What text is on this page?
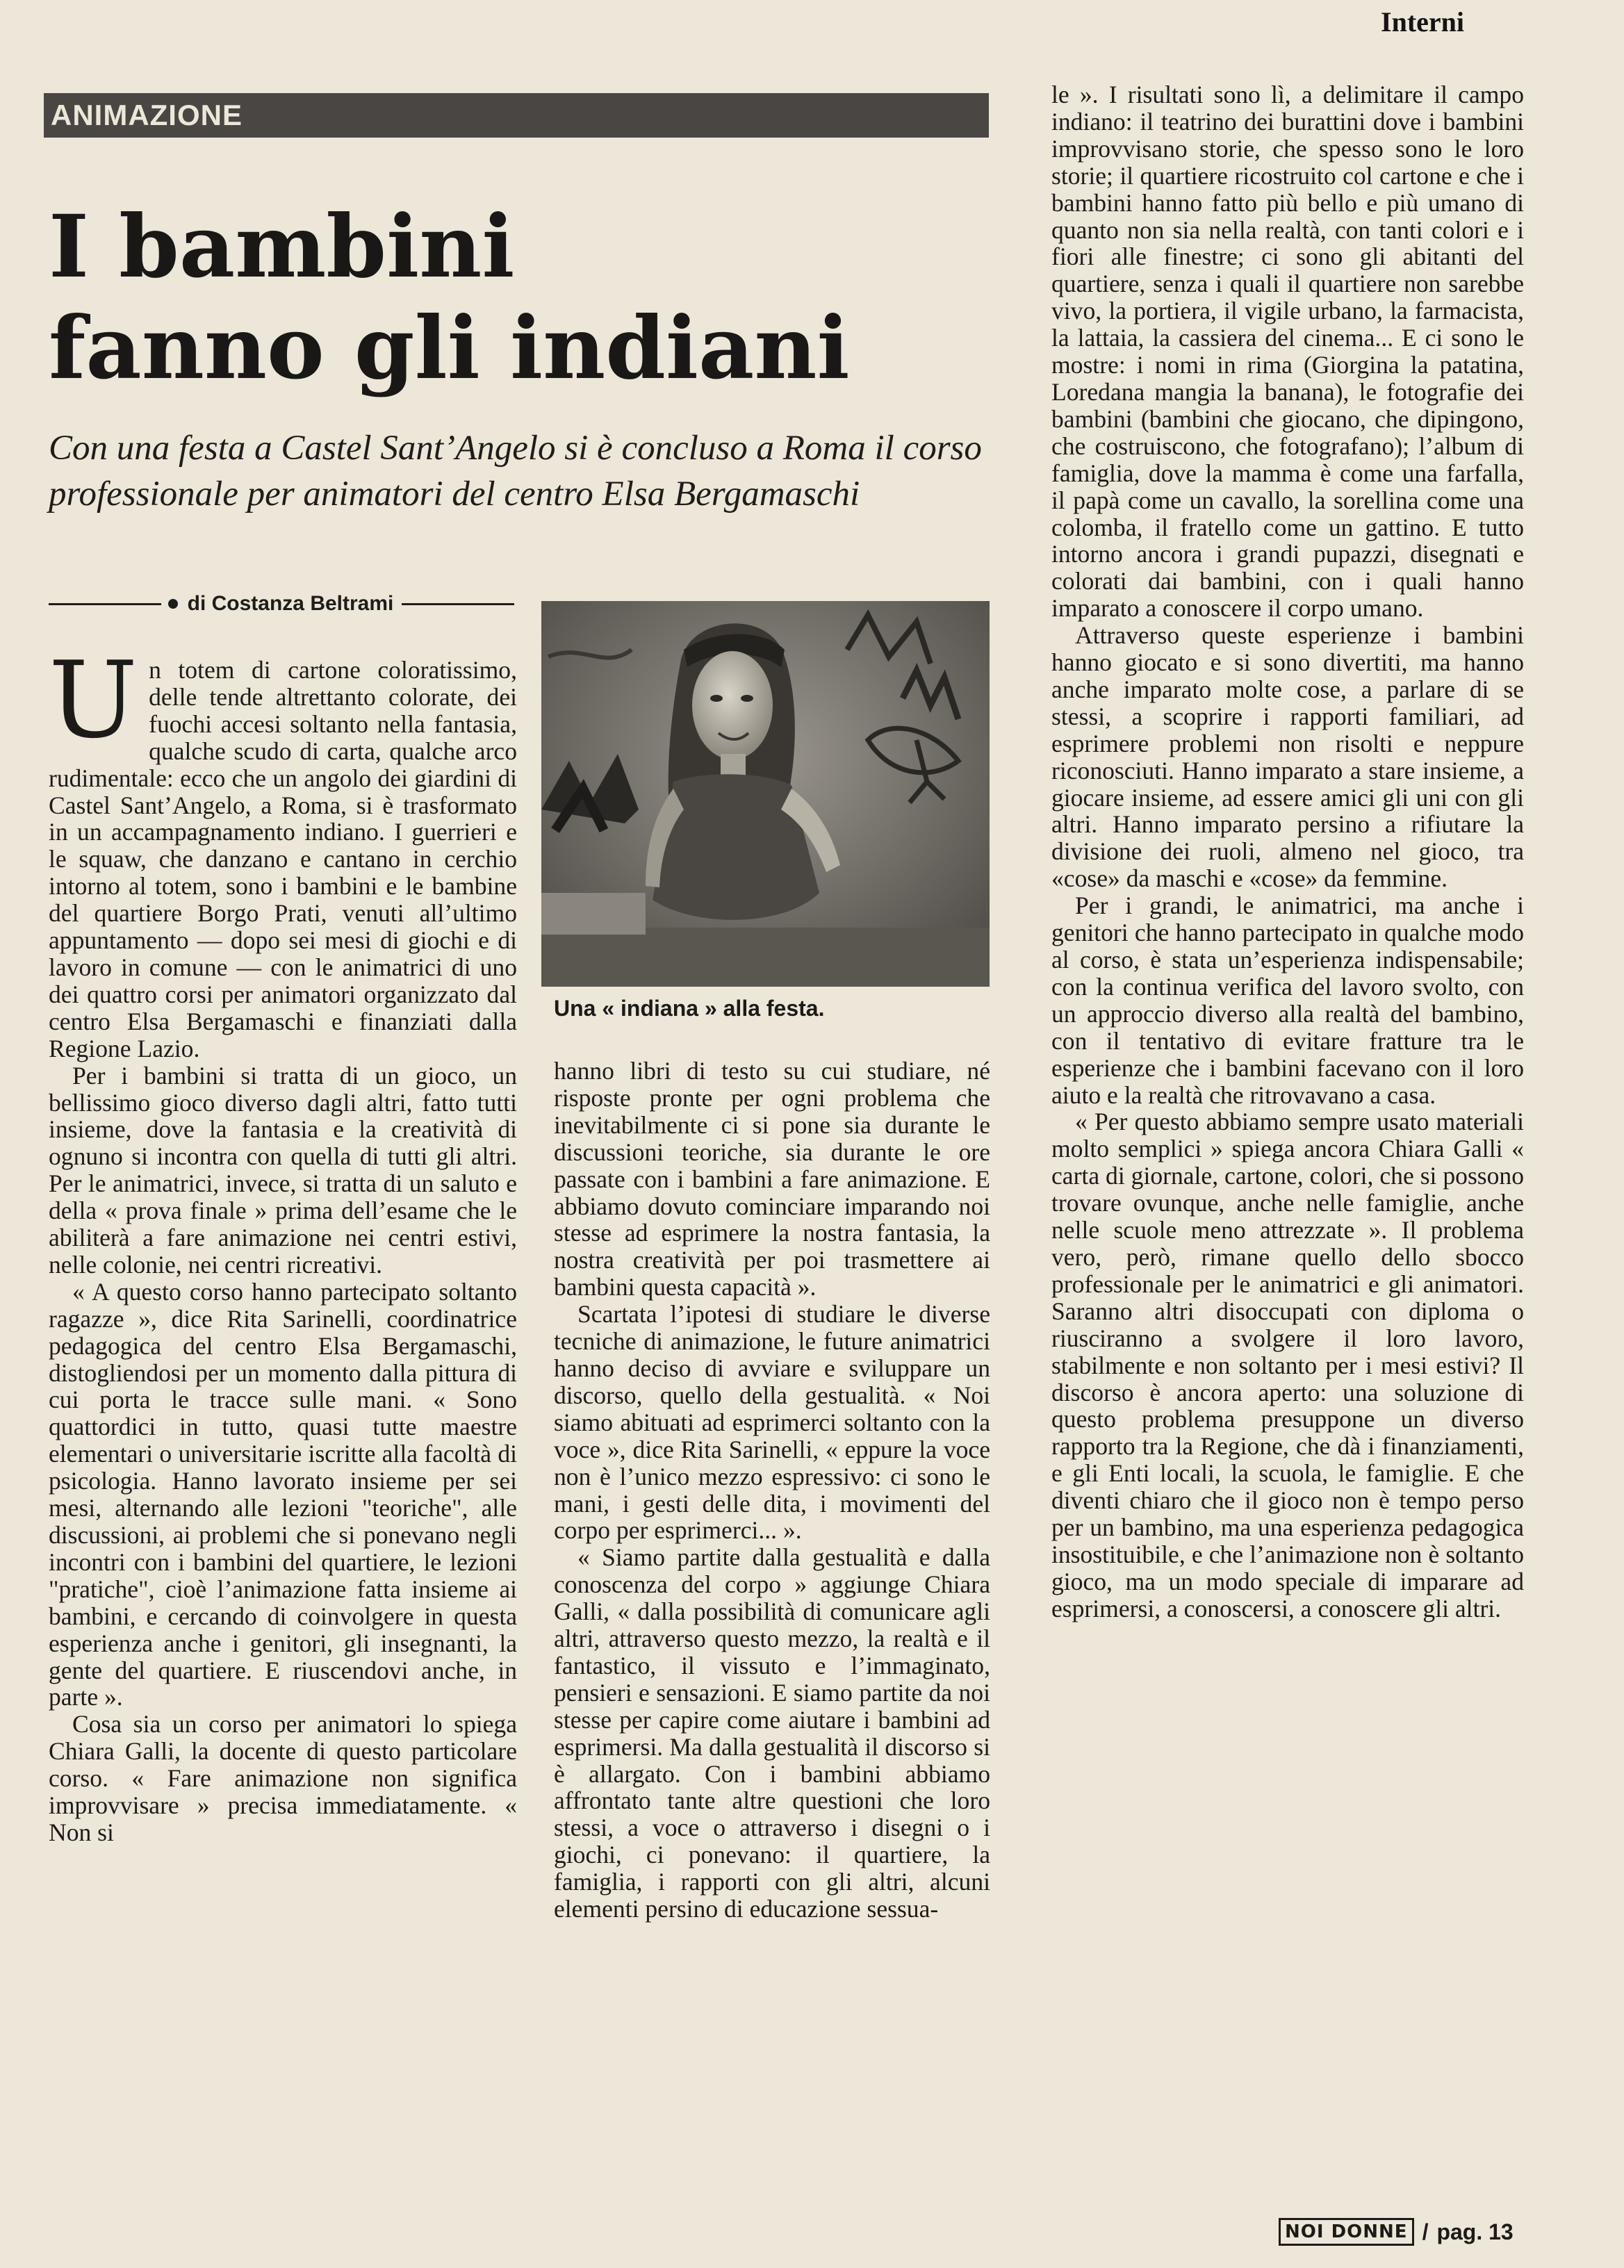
Interni
ANIMAZIONE
I bambini
fanno gli indiani
Con una festa a Castel Sant’Angelo si è concluso a Roma il corso professionale per animatori del centro Elsa Bergamaschi
di Costanza Beltrami

Un totem di cartone coloratissimo, delle tende altrettanto colorate, dei fuochi accesi soltanto nella fantasia, qualche scudo di carta, qualche arco rudimentale: ecco che un angolo dei giardini di Castel Sant’Angelo, a Roma, si è trasformato in un accampagnamento indiano. I guerrieri e le squaw, che danzano e cantano in cerchio intorno al totem, sono i bambini e le bambine del quartiere Borgo Prati, venuti all’ultimo appuntamento — dopo sei mesi di giochi e di lavoro in comune — con le animatrici di uno dei quattro corsi per animatori organizzato dal centro Elsa Bergamaschi e finanziati dalla Regione Lazio.

Per i bambini si tratta di un gioco, un bellissimo gioco diverso dagli altri, fatto tutti insieme, dove la fantasia e la creatività di ognuno si incontra con quella di tutti gli altri. Per le animatrici, invece, si tratta di un saluto e della « prova finale » prima dell’esame che le abiliterà a fare animazione nei centri estivi, nelle colonie, nei centri ricreativi.

« A questo corso hanno partecipato soltanto ragazze », dice Rita Sarinelli, coordinatrice pedagogica del centro Elsa Bergamaschi, distogliendosi per un momento dalla pittura di cui porta le tracce sulle mani. « Sono quattordici in tutto, quasi tutte maestre elementari o universitarie iscritte alla facoltà di psicologia. Hanno lavorato insieme per sei mesi, alternando alle lezioni "teoriche", alle discussioni, ai problemi che si ponevano negli incontri con i bambini del quartiere, le lezioni "pratiche", cioè l’animazione fatta insieme ai bambini, e cercando di coinvolgere in questa esperienza anche i genitori, gli insegnanti, la gente del quartiere. E riuscendovi anche, in parte ».

Cosa sia un corso per animatori lo spiega Chiara Galli, la docente di questo particolare corso. « Fare animazione non significa improvvisare » precisa immediatamente. « Non si

Una « indiana » alla festa.

hanno libri di testo su cui studiare, né risposte pronte per ogni problema che inevitabilmente ci si pone sia durante le discussioni teoriche, sia durante le ore passate con i bambini a fare animazione. E abbiamo dovuto cominciare imparando noi stesse ad esprimere la nostra fantasia, la nostra creatività per poi trasmettere ai bambini questa capacità ».

Scartata l’ipotesi di studiare le diverse tecniche di animazione, le future animatrici hanno deciso di avviare e sviluppare un discorso, quello della gestualità. « Noi siamo abituati ad esprimerci soltanto con la voce », dice Rita Sarinelli, « eppure la voce non è l’unico mezzo espressivo: ci sono le mani, i gesti delle dita, i movimenti del corpo per esprimerci... ».

« Siamo partite dalla gestualità e dalla conoscenza del corpo » aggiunge Chiara Galli, « dalla possibilità di comunicare agli altri, attraverso questo mezzo, la realtà e il fantastico, il vissuto e l’immaginato, pensieri e sensazioni. E siamo partite da noi stesse per capire come aiutare i bambini ad esprimersi. Ma dalla gestualità il discorso si è allargato. Con i bambini abbiamo affrontato tante altre questioni che loro stessi, a voce o attraverso i disegni o i giochi, ci ponevano: il quartiere, la famiglia, i rapporti con gli altri, alcuni elementi persino di educazione sessua-

le ». I risultati sono lì, a delimitare il campo indiano: il teatrino dei burattini dove i bambini improvvisano storie, che spesso sono le loro storie; il quartiere ricostruito col cartone e che i bambini hanno fatto più bello e più umano di quanto non sia nella realtà, con tanti colori e i fiori alle finestre; ci sono gli abitanti del quartiere, senza i quali il quartiere non sarebbe vivo, la portiera, il vigile urbano, la farmacista, la lattaia, la cassiera del cinema... E ci sono le mostre: i nomi in rima (Giorgina la patatina, Loredana mangia la banana), le fotografie dei bambini (bambini che giocano, che dipingono, che costruiscono, che fotografano); l’album di famiglia, dove la mamma è come una farfalla, il papà come un cavallo, la sorellina come una colomba, il fratello come un gattino. E tutto intorno ancora i grandi pupazzi, disegnati e colorati dai bambini, con i quali hanno imparato a conoscere il corpo umano.

Attraverso queste esperienze i bambini hanno giocato e si sono divertiti, ma hanno anche imparato molte cose, a parlare di se stessi, a scoprire i rapporti familiari, ad esprimere problemi non risolti e neppure riconosciuti. Hanno imparato a stare insieme, a giocare insieme, ad essere amici gli uni con gli altri. Hanno imparato persino a rifiutare la divisione dei ruoli, almeno nel gioco, tra «cose» da maschi e «cose» da femmine.

Per i grandi, le animatrici, ma anche i genitori che hanno partecipato in qualche modo al corso, è stata un’esperienza indispensabile; con la continua verifica del lavoro svolto, con un approccio diverso alla realtà del bambino, con il tentativo di evitare fratture tra le esperienze che i bambini facevano con il loro aiuto e la realtà che ritrovavano a casa.

« Per questo abbiamo sempre usato materiali molto semplici » spiega ancora Chiara Galli « carta di giornale, cartone, colori, che si possono trovare ovunque, anche nelle famiglie, anche nelle scuole meno attrezzate ». Il problema vero, però, rimane quello dello sbocco professionale per le animatrici e gli animatori. Saranno altri disoccupati con diploma o riusciranno a svolgere il loro lavoro, stabilmente e non soltanto per i mesi estivi? Il discorso è ancora aperto: una soluzione di questo problema presuppone un diverso rapporto tra la Regione, che dà i finanziamenti, e gli Enti locali, la scuola, le famiglie. E che diventi chiaro che il gioco non è tempo perso per un bambino, ma una esperienza pedagogica insostituibile, e che l’animazione non è soltanto gioco, ma un modo speciale di imparare ad esprimersi, a conoscersi, a conoscere gli altri.

NOI DONNE / pag. 13
